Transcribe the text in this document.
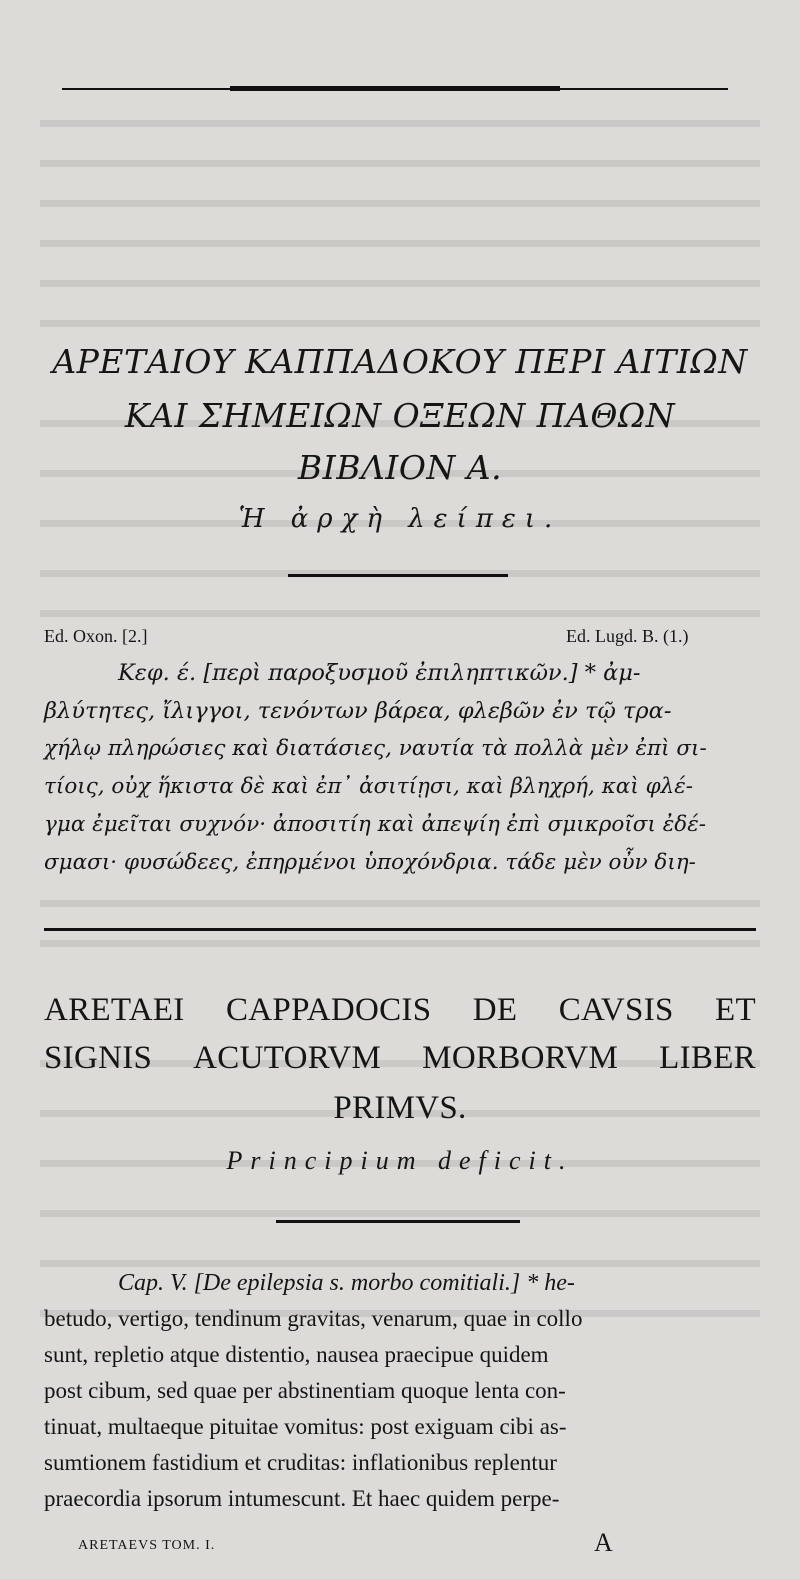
ΑΡΕΤΑΙΟΥ ΚΑΠΠΑΔΟΚΟΥ ΠΕΡΙ ΑΙΤΙΩΝ
ΚΑΙ ΣΗΜΕΙΩΝ ΟΞΕΩΝ ΠΑΘΩΝ
ΒΙΒΛΙΟΝ Α.
Ἡ ἀρχὴ λείπει.
Ed. Oxon. [2.]	Ed. Lugd. B. (1.)
Κεφ. έ. [περὶ παροξυσμοῦ ἐπιληπτικῶν.] * ἀμ-
βλύτητες, ἴλιγγοι, τενόντων βάρεα, φλεβῶν ἐν τῷ τρα-
χήλῳ πληρώσιες καὶ διατάσιες, ναυτία τὰ πολλὰ μὲν ἐπὶ σι-
τίοις, οὐχ ἥκιστα δὲ καὶ ἐπ᾽ ἀσιτίῃσι, καὶ βληχρή, καὶ φλέ-
γμα ἐμεῖται συχνόν· ἀποσιτίη καὶ ἀπεψίη ἐπὶ σμικροῖσι ἐδέ-
σμασι· φυσώδεες, ἐπηρμένοι ὑποχόνδρια. τάδε μὲν οὖν διη-
ARETAEI CAPPADOCIS DE CAVSIS ET
SIGNIS ACUTORVM MORBORVM LIBER
PRIMVS.
Principium deficit.
Cap. V. [De epilepsia s. morbo comitiali.] * he-
betudo, vertigo, tendinum gravitas, venarum, quae in collo
sunt, repletio atque distentio, nausea praecipue quidem
post cibum, sed quae per abstinentiam quoque lenta con-
tinuat, multaeque pituitae vomitus: post exiguam cibi as-
sumtionem fastidium et cruditas: inflationibus replentur
praecordia ipsorum intumescunt. Et haec quidem perpe-
ARETAEVS TOM. I.	A
